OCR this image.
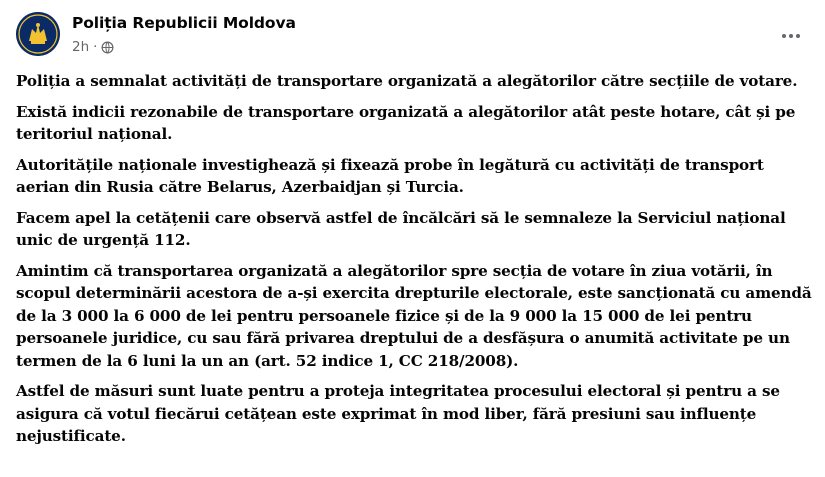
Poliția Republicii Moldova
2h ·

Poliția a semnalat activități de transportare organizată a alegătorilor către secțiile de votare.

Există indicii rezonabile de transportare organizată a alegătorilor atât peste hotare, cât și pe teritoriul național.

Autoritățile naționale investighează și fixează probe în legătură cu activități de transport aerian din Rusia către Belarus, Azerbaidjan și Turcia.

Facem apel la cetățenii care observă astfel de încălcări să le semnaleze la Serviciul național unic de urgență 112.

Amintim că transportarea organizată a alegătorilor spre secția de votare în ziua votării, în scopul determinării acestora de a-și exercita drepturile electorale, este sancționată cu amendă de la 3 000 la 6 000 de lei pentru persoanele fizice și de la 9 000 la 15 000 de lei pentru persoanele juridice, cu sau fără privarea dreptului de a desfășura o anumită activitate pe un termen de la 6 luni la un an (art. 52 indice 1, CC 218/2008).

Astfel de măsuri sunt luate pentru a proteja integritatea procesului electoral și pentru a se asigura că votul fiecărui cetățean este exprimat în mod liber, fără presiuni sau influențe nejustificate.
